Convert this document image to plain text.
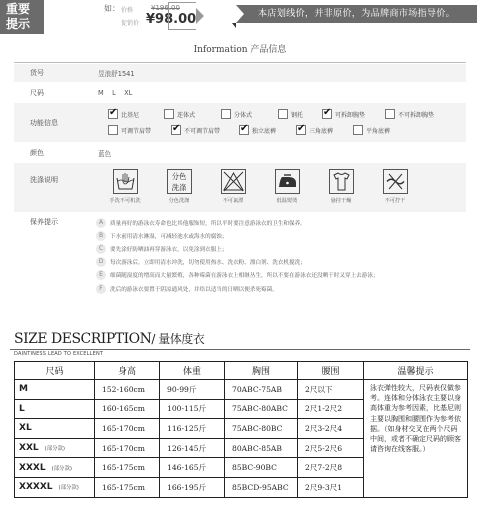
重要
提示
如： 价格	¥196.00
促销价 ¥98.00	本店划线价，并非原价，为品牌商市场指导价。
Information 产品信息
货号	昱浪舒1541
尺码	M    L    XL
功能信息
✔
比基尼	连体式	分体式	钢托 ✔	可拆卸胸垫	不可拆卸胸垫
可调节肩带 ✔	不可调节肩带 ✔	独立底裤 ✔	三角底裤	平角底裤
颜色	蓝色
洗涤说明
手洗不可机洗
分色
洗涤
分色洗涤	不可氯漂	低温熨烫	悬挂干燥	不可拧干
保养提示	A	质量再好的游泳衣寿命也比其他服饰短，所以平时要注意游泳衣的卫生和保养。
B	下水前用清水淋湿，可减轻池水或海水的腐蚀；
C	要先涂好防晒油再穿游泳衣，以免涂到衣服上；
D	每次游泳后，立即用清水冲洗，切勿使用热水、洗衣粉、漂白剂、洗衣机搅洗；
E	细菌随湿度的增高而大量繁殖，各种霉菌在游泳衣上相继丛生，所以不要在游泳衣还没晒干时又穿上去游泳；
F	洗后的游泳衣要置于阴凉通风处，并给以适当的日晒以便杀死霉菌。
SIZE DESCRIPTION/ 量体度衣
DAINTINESS LEAD TO EXCELLENT
尺码	身高	体重	胸围	腰围	温馨提示
M	152-160cm	90-99斤	70ABC-75AB	2尺以下	泳衣弹性较大，尺码表仅做参考。连体和分体泳衣主要以身高体重为参考因素，比基尼则主要以胸围和腰围作为参考依据。（如身材交叉在两个尺码中间，或者不确定尺码的顾客请咨询在线客服。）
L	160-165cm	100-115斤	75ABC-80ABC	2尺1-2尺2	
XL	165-170cm	116-125斤	75ABC-80BC	2尺3-2尺4	
XXL (部分款)	165-170cm	126-145斤	80ABC-85AB	2尺5-2尺6	
XXXL (部分款)	165-175cm	146-165斤	85BC-90BC	2尺7-2尺8	
XXXXL (部分款)	165-175cm	166-195斤	85BCD-95ABC	2尺9-3尺1	
